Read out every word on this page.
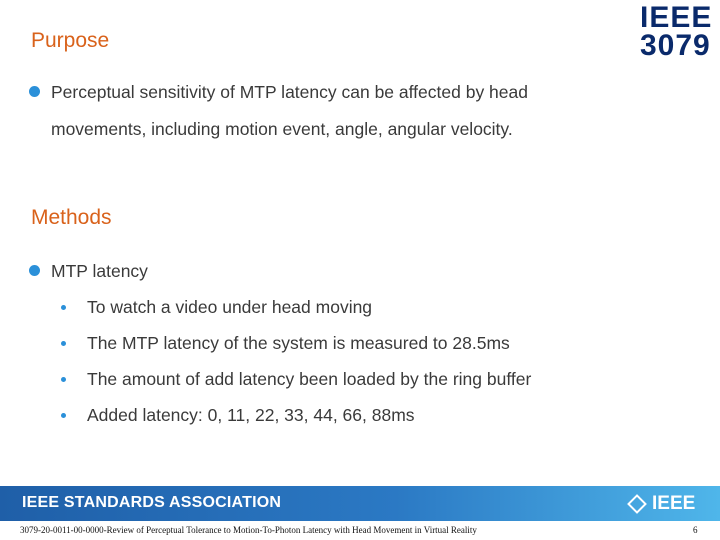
IEEE
3079
Purpose
Perceptual sensitivity of MTP latency can be affected by head
movements, including motion event, angle, angular velocity.
Methods
MTP latency
To watch a video under head moving
The MTP latency of the system is measured to 28.5ms
The amount of add latency been loaded by the ring buffer
Added latency: 0, 11, 22, 33, 44, 66, 88ms
IEEE STANDARDS ASSOCIATION	IEEE
3079-20-0011-00-0000-Review of Perceptual Tolerance to Motion-To-Photon Latency with Head Movement in Virtual Reality	6
